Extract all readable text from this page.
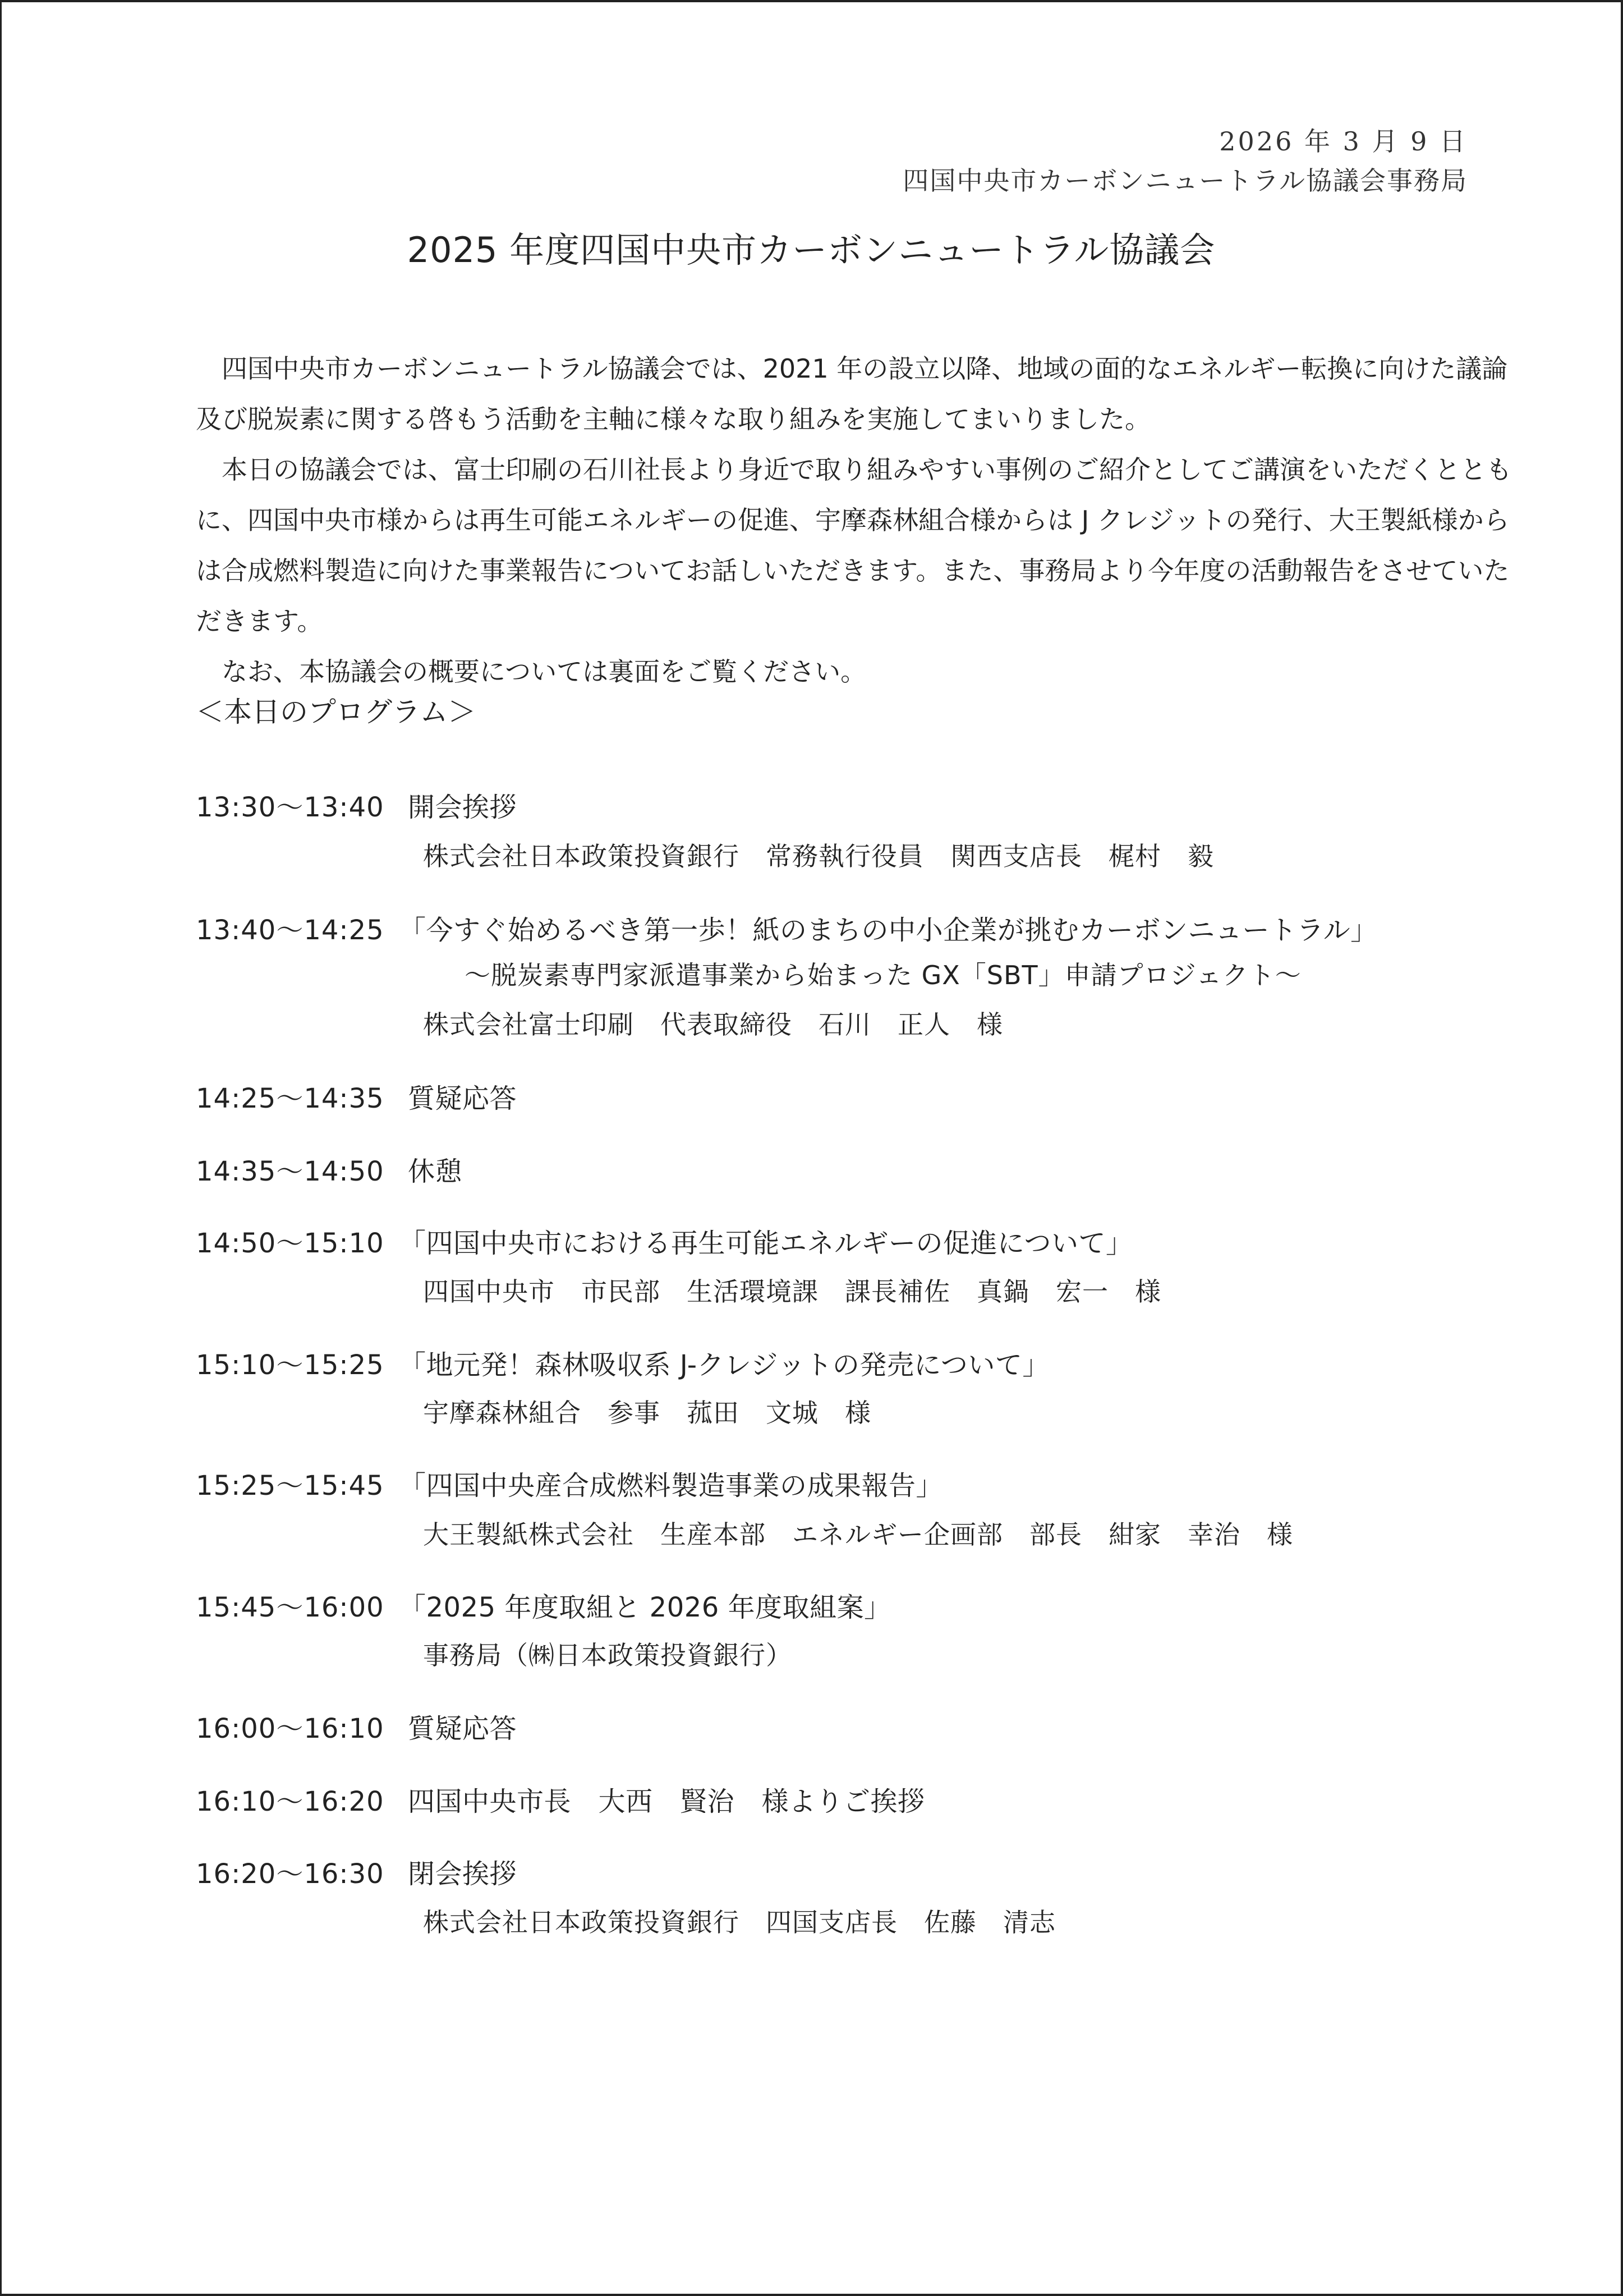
2026 年 3 月 9 日
四国中央市カーボンニュートラル協議会事務局
2025 年度四国中央市カーボンニュートラル協議会

四国中央市カーボンニュートラル協議会では、2021 年の設立以降、地域の面的なエネルギー転換に向けた議論及び脱炭素に関する啓もう活動を主軸に様々な取り組みを実施してまいりました。

本日の協議会では、富士印刷の石川社長より身近で取り組みやすい事例のご紹介としてご講演をいただくとともに、四国中央市様からは再生可能エネルギーの促進、宇摩森林組合様からは J クレジットの発行、大王製紙様からは合成燃料製造に向けた事業報告についてお話しいただきます。また、事務局より今年度の活動報告をさせていただきます。

なお、本協議会の概要については裏面をご覧ください。

＜本日のプログラム＞
13:30～13:40 開会挨拶
株式会社日本政策投資銀行　常務執行役員　関西支店長　梶村　毅
13:40～14:25 「今すぐ始めるべき第一歩！紙のまちの中小企業が挑むカーボンニュートラル」
～脱炭素専門家派遣事業から始まった GX「SBT」申請プロジェクト～
株式会社富士印刷　代表取締役　石川　正人　様
14:25～14:35 質疑応答
14:35～14:50 休憩
14:50～15:10 「四国中央市における再生可能エネルギーの促進について」
四国中央市　市民部　生活環境課　課長補佐　真鍋　宏一　様
15:10～15:25 「地元発！森林吸収系 J-クレジットの発売について」
宇摩森林組合　参事　菰田　文城　様
15:25～15:45 「四国中央産合成燃料製造事業の成果報告」
大王製紙株式会社　生産本部　エネルギー企画部　部長　紺家　幸治　様
15:45～16:00 「2025 年度取組と 2026 年度取組案」
事務局（㈱日本政策投資銀行）
16:00～16:10 質疑応答
16:10～16:20 四国中央市長　大西　賢治　様よりご挨拶
16:20～16:30 閉会挨拶
株式会社日本政策投資銀行　四国支店長　佐藤　清志
